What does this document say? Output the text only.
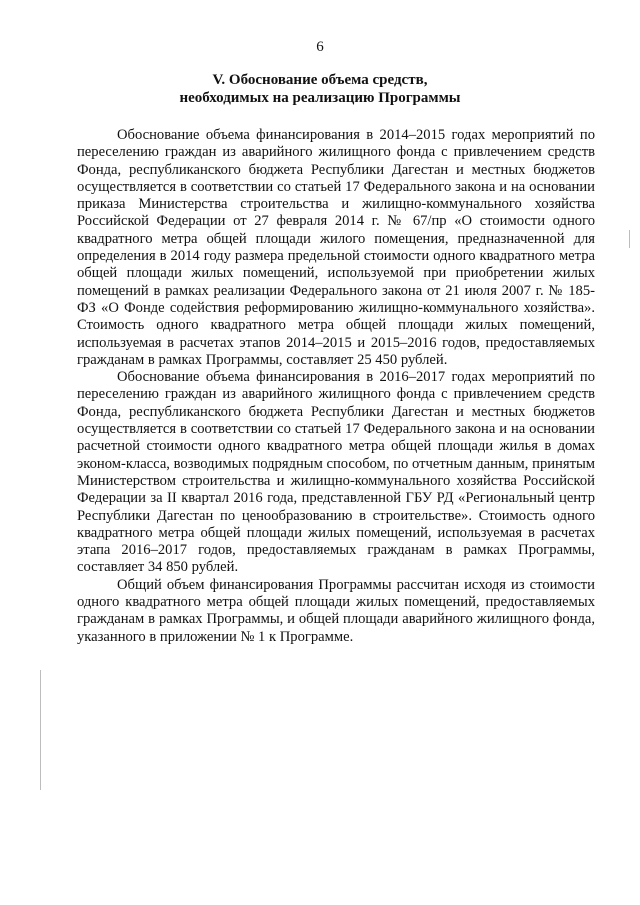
6
V. Обоснование объема средств,
необходимых на реализацию Программы

Обоснование объема финансирования в 2014–2015 годах мероприятий по переселению граждан из аварийного жилищного фонда с привлечением средств Фонда, республиканского бюджета Республики Дагестан и местных бюджетов осуществляется в соответствии со статьей 17 Федерального закона и на основании приказа Министерства строительства и жилищно-коммунального хозяйства Российской Федерации от 27 февраля 2014 г. № 67/пр «О стоимости одного квадратного метра общей площади жилого помещения, предназначенной для определения в 2014 году размера предельной стоимости одного квадратного метра общей площади жилых помещений, используемой при приобретении жилых помещений в рамках реализации Федерального закона от 21 июля 2007 г. № 185-ФЗ «О Фонде содействия реформированию жилищно-коммунального хозяйства». Стоимость одного квадратного метра общей площади жилых помещений, используемая в расчетах этапов 2014–2015 и 2015–2016 годов, предоставляемых гражданам в рамках Программы, составляет 25 450 рублей.

Обоснование объема финансирования в 2016–2017 годах мероприятий по переселению граждан из аварийного жилищного фонда с привлечением средств Фонда, республиканского бюджета Республики Дагестан и местных бюджетов осуществляется в соответствии со статьей 17 Федерального закона и на основании расчетной стоимости одного квадратного метра общей площади жилья в домах эконом-класса, возводимых подрядным способом, по отчетным данным, принятым Министерством строительства и жилищно-коммунального хозяйства Российской Федерации за II квартал 2016 года, представленной ГБУ РД «Региональный центр Республики Дагестан по ценообразованию в строительстве». Стоимость одного квадратного метра общей площади жилых помещений, используемая в расчетах этапа 2016–2017 годов, предоставляемых гражданам в рамках Программы, составляет 34 850 рублей.

Общий объем финансирования Программы рассчитан исходя из стоимости одного квадратного метра общей площади жилых помещений, предоставляемых гражданам в рамках Программы, и общей площади аварийного жилищного фонда, указанного в приложении № 1 к Программе.
